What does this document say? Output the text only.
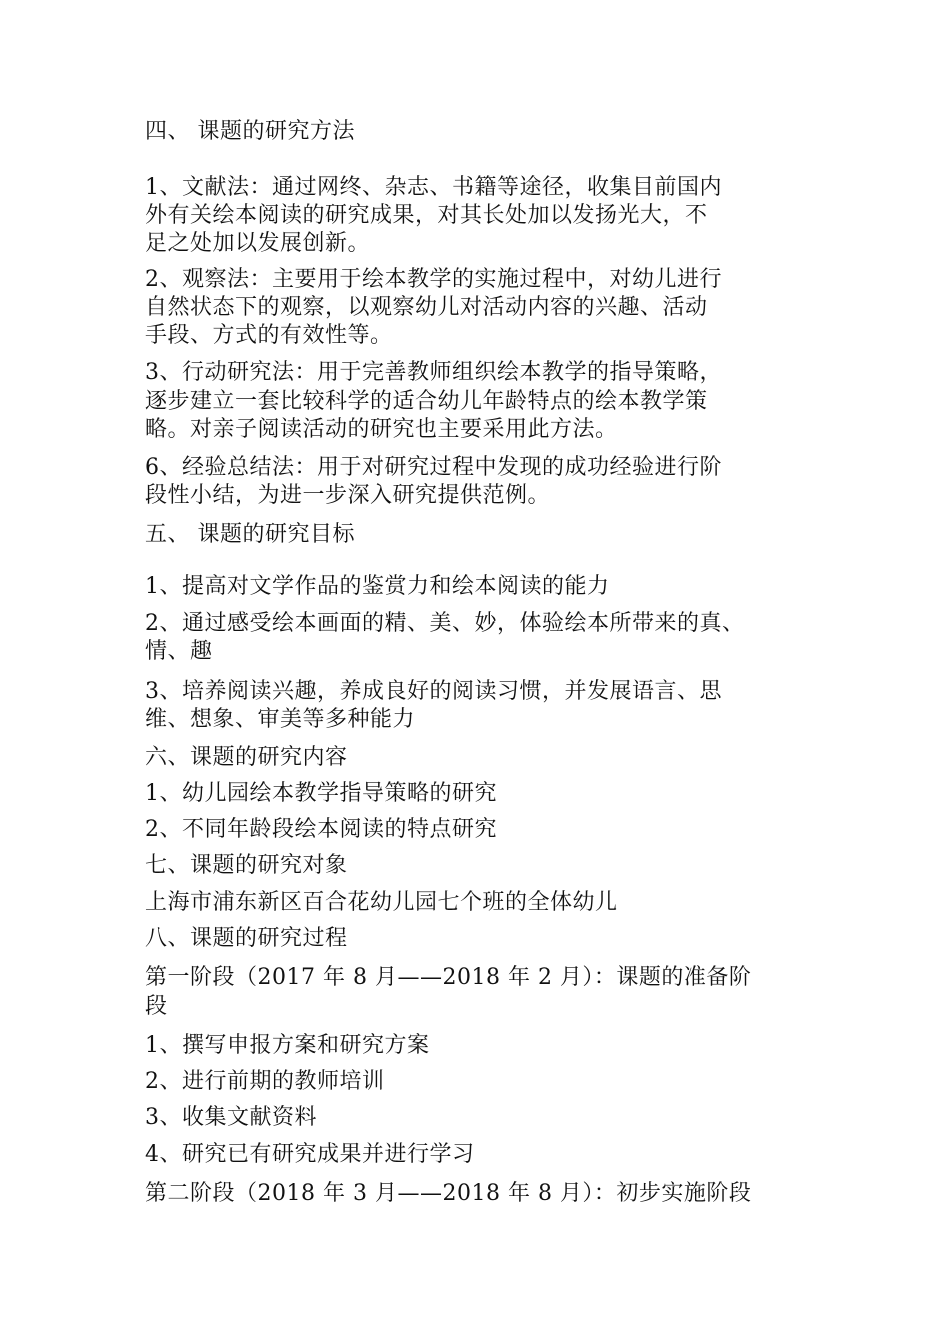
四、 课题的研究方法
1、文献法：通过网终、杂志、书籍等途径，收集目前国内
外有关绘本阅读的研究成果，对其长处加以发扬光大，不
足之处加以发展创新。
2、观察法：主要用于绘本教学的实施过程中，对幼儿进行
自然状态下的观察，以观察幼儿对活动内容的兴趣、活动
手段、方式的有效性等。
3、行动研究法：用于完善教师组织绘本教学的指导策略，
逐步建立一套比较科学的适合幼儿年龄特点的绘本教学策
略。对亲子阅读活动的研究也主要采用此方法。
6、经验总结法：用于对研究过程中发现的成功经验进行阶
段性小结，为进一步深入研究提供范例。
五、 课题的研究目标
1、提高对文学作品的鉴赏力和绘本阅读的能力
2、通过感受绘本画面的精、美、妙，体验绘本所带来的真、
情、趣
3、培养阅读兴趣，养成良好的阅读习惯，并发展语言、思
维、想象、审美等多种能力
六、课题的研究内容
1、幼儿园绘本教学指导策略的研究
2、不同年龄段绘本阅读的特点研究
七、课题的研究对象
上海市浦东新区百合花幼儿园七个班的全体幼儿
八、课题的研究过程
第一阶段（2017 年 8 月——2018 年 2 月）：课题的准备阶
段
1、撰写申报方案和研究方案
2、进行前期的教师培训
3、收集文献资料
4、研究已有研究成果并进行学习
第二阶段（2018 年 3 月——2018 年 8 月）：初步实施阶段
